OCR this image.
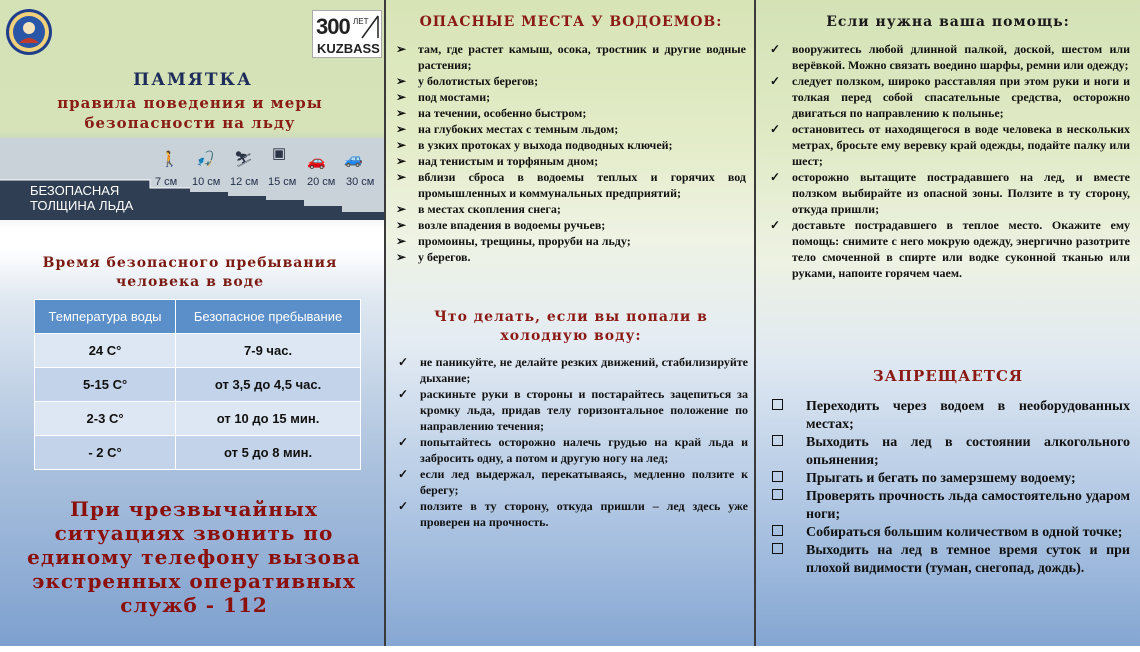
300 ЛЕТ
KUZBASS
ПАМЯТКА
правила поведения и меры безопасности на льду
БЕЗОПАСНАЯ
ТОЛЩИНА ЛЬДА
🚶 🎣 ⛷ ▣ 🚗 🚙
7 см 10 см 12 см 15 см 20 см 30 см
Время безопасного пребывания человека в воде
Температура воды	Безопасное пребывание
24 С°	7-9 час.
5-15 С°	от 3,5 до 4,5 час.
2-3 С°	от 10 до 15 мин.
- 2 С°	от 5 до 8 мин.
При чрезвычайных ситуациях звонить по единому телефону вызова экстренных оперативных служб - 112
ОПАСНЫЕ МЕСТА У ВОДОЕМОВ:
➢ там, где растет камыш, осока, тростник и другие водные растения;
➢ у болотистых берегов;
➢ под мостами;
➢ на течении, особенно быстром;
➢ на глубоких местах с темным льдом;
➢ в узких протоках у выхода подводных ключей;
➢ над тенистым и торфяным дном;
➢ вблизи сброса в водоемы теплых и горячих вод промышленных и коммунальных предприятий;
➢ в местах скопления снега;
➢ возле впадения в водоемы ручьев;
➢ промоины, трещины, проруби на льду;
➢ у берегов.
Что делать, если вы попали в холодную воду:
✓ не паникуйте, не делайте резких движений, стабилизируйте дыхание;
✓ раскиньте руки в стороны и постарайтесь зацепиться за кромку льда, придав телу горизонтальное положение по направлению течения;
✓ попытайтесь осторожно налечь грудью на край льда и забросить одну, а потом и другую ногу на лед;
✓ если лед выдержал, перекатываясь, медленно ползите к берегу;
✓ ползите в ту сторону, откуда пришли – лед здесь уже проверен на прочность.
Если нужна ваша помощь:
✓ вооружитесь любой длинной палкой, доской, шестом или верёвкой. Можно связать воедино шарфы, ремни или одежду;
✓ следует ползком, широко расставляя при этом руки и ноги и толкая перед собой спасательные средства, осторожно двигаться по направлению к полынье;
✓ остановитесь от находящегося в воде человека в нескольких метрах, бросьте ему веревку край одежды, подайте палку или шест;
✓ осторожно вытащите пострадавшего на лед, и вместе ползком выбирайте из опасной зоны. Ползите в ту сторону, откуда пришли;
✓ доставьте пострадавшего в теплое место. Окажите ему помощь: снимите с него мокрую одежду, энергично разотрите тело смоченной в спирте или водке суконной тканью или руками, напоите горячем чаем.
ЗАПРЕЩАЕТСЯ
Переходить через водоем в необорудованных местах;
Выходить на лед в состоянии алкогольного опьянения;
Прыгать и бегать по замерзшему водоему;
Проверять прочность льда самостоятельно ударом ноги;
Собираться большим количеством в одной точке;
Выходить на лед в темное время суток и при плохой видимости (туман, снегопад, дождь).
